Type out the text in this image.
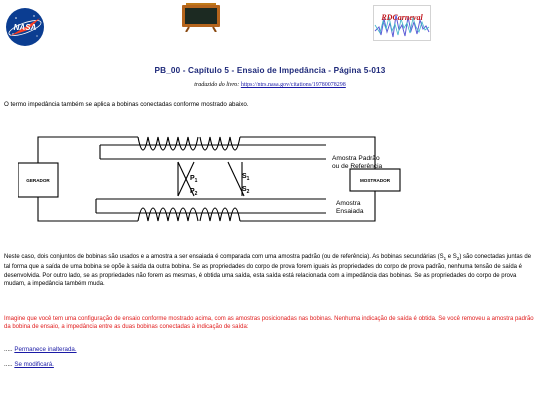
NASA
RDCarneval
PB_00 - Capítulo 5 - Ensaio de Impedância - Página 5-013
traduzido do livro: https://ntrs.nasa.gov/citations/19780078298
O termo impedância também se aplica a bobinas conectadas conforme mostrado abaixo.
GERADOR	MOSTRADOR
Amostra Padrão
ou de Referência
Amostra
Ensaiada
$P_1$
$P_2$
$S_1$
$S_2$
Neste caso, dois conjuntos de bobinas são usados e a amostra a ser ensaiada é comparada com uma amostra padrão (ou de referência). As bobinas secundárias ($S_1$ e $S_2$) são conectadas juntas de tal forma que a saída de uma bobina se opõe à saída da outra bobina. Se as propriedades do corpo de prova forem iguais às propriedades do corpo de prova padrão, nenhuma tensão de saída é desenvolvida. Por outro lado, se as propriedades não forem as mesmas, é obtida uma saída, esta saída está relacionada com a impedância das bobinas. Se as propriedades do corpo de prova mudam, a impedância também muda.
Imagine que você tem uma configuração de ensaio conforme mostrado acima, com as amostras posicionadas nas bobinas. Nenhuma indicação de saída é obtida. Se você removeu a amostra padrão da bobina de ensaio, a impedância entre as duas bobinas conectadas à indicação de saída:
..... Permanece inalterada.
..... Se modificará.
